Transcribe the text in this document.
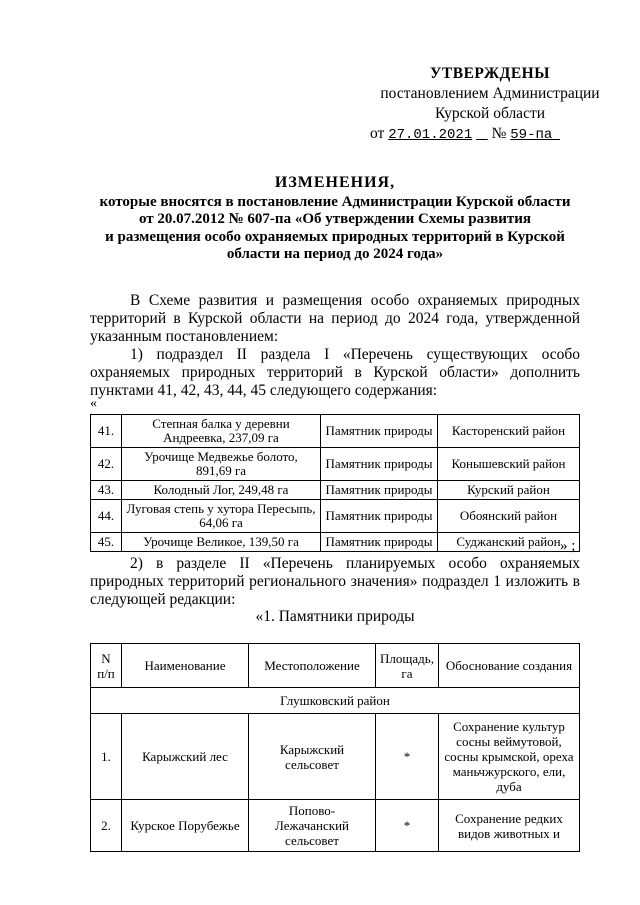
УТВЕРЖДЕНЫ
постановлением Администрации
Курской области
от 27.01.2021 № 59-па
ИЗМЕНЕНИЯ,
которые вносятся в постановление Администрации Курской области
от 20.07.2012 № 607-па «Об утверждении Схемы развития
и размещения особо охраняемых природных территорий в Курской
области на период до 2024 года»
В Схеме развития и размещения особо охраняемых природных территорий в Курской области на период до 2024 года, утвержденной указанным постановлением:
1) подраздел II раздела I «Перечень существующих особо охраняемых природных территорий в Курской области» дополнить пунктами 41, 42, 43, 44, 45 следующего содержания:
«
41.	Степная балка у деревни Андреевка, 237,09 га	Памятник природы	Касторенский район
42.	Урочище Медвежье болото, 891,69 га	Памятник природы	Конышевский район
43.	Колодный Лог, 249,48 га	Памятник природы	Курский район
44.	Луговая степь у хутора Пересыпь, 64,06 га	Памятник природы	Обоянский район
45.	Урочище Великое, 139,50 га	Памятник природы	Суджанский район » ;
2) в разделе II «Перечень планируемых особо охраняемых природных территорий регионального значения» подраздел 1 изложить в следующей редакции:
«1. Памятники природы
N п/п	Наименование	Местоположение	Площадь, га	Обоснование создания
Глушковский район				
1.	Карыжский лес	Карыжский сельсовет	*	Сохранение культур сосны веймутовой, сосны крымской, ореха маньчжурского, ели, дуба
2.	Курское Порубежье	Попово-Лежачанский сельсовет	*	Сохранение редких видов животных и
